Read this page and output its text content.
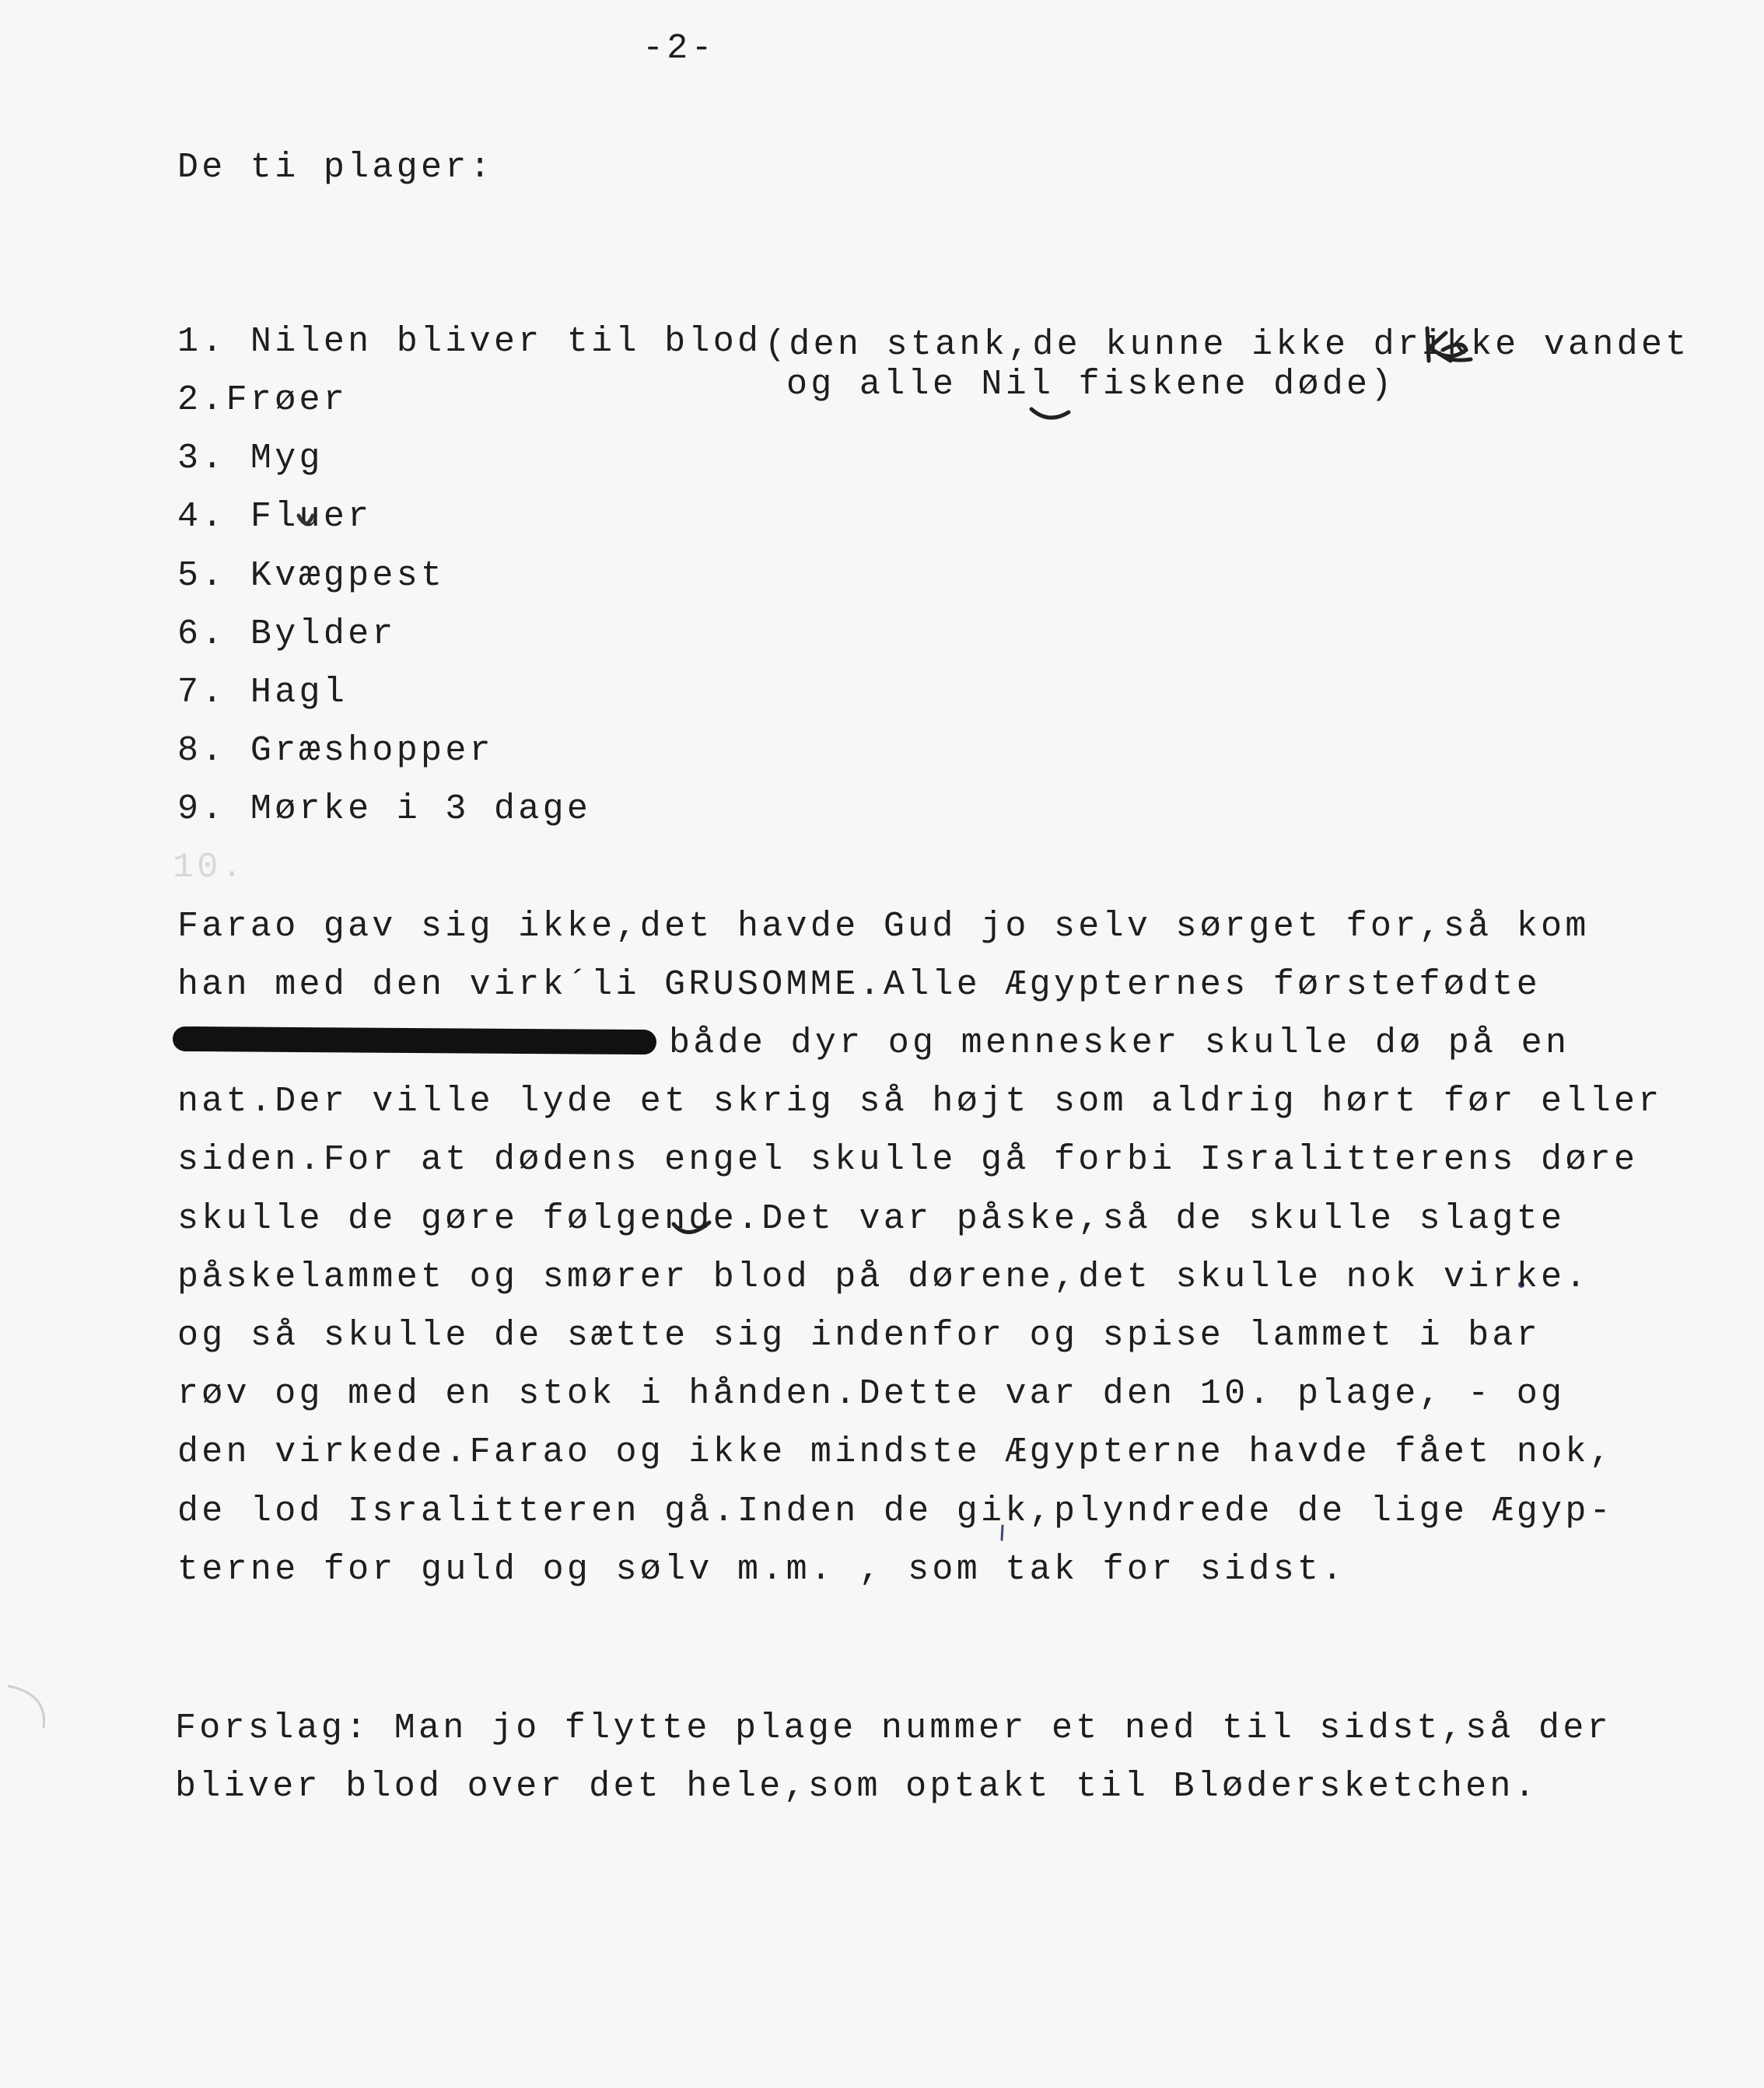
-2-
De ti plager:
1. Nilen bliver til blod
2.Frøer
3. Myg
4. Fluer
5. Kvægpest
6. Bylder
7. Hagl
8. Græshopper
9. Mørke i 3 dage
10.
(den stank,de kunne ikke drikke vandet
og alle Nil fiskene døde)
Farao gav sig ikke,det havde Gud jo selv sørget for,så kom
han med den virk´li GRUSOMME.Alle Ægypternes førstefødte
både dyr og mennesker skulle dø på en
nat.Der ville lyde et skrig så højt som aldrig hørt før eller
siden.For at dødens engel skulle gå forbi Isralitterens døre
skulle de gøre følgende.Det var påske,så de skulle slagte
påskelammet og smører blod på dørene,det skulle nok virke.
og så skulle de sætte sig indenfor og spise lammet i bar
røv og med en stok i hånden.Dette var den 10. plage, - og
den virkede.Farao og ikke mindste Ægypterne havde fået nok,
de lod Isralitteren gå.Inden de gik,plyndrede de lige Ægyp-
terne for guld og sølv m.m. , som tak for sidst.
Forslag: Man jo flytte plage nummer et ned til sidst,så der
bliver blod over det hele,som optakt til Blødersketchen.
